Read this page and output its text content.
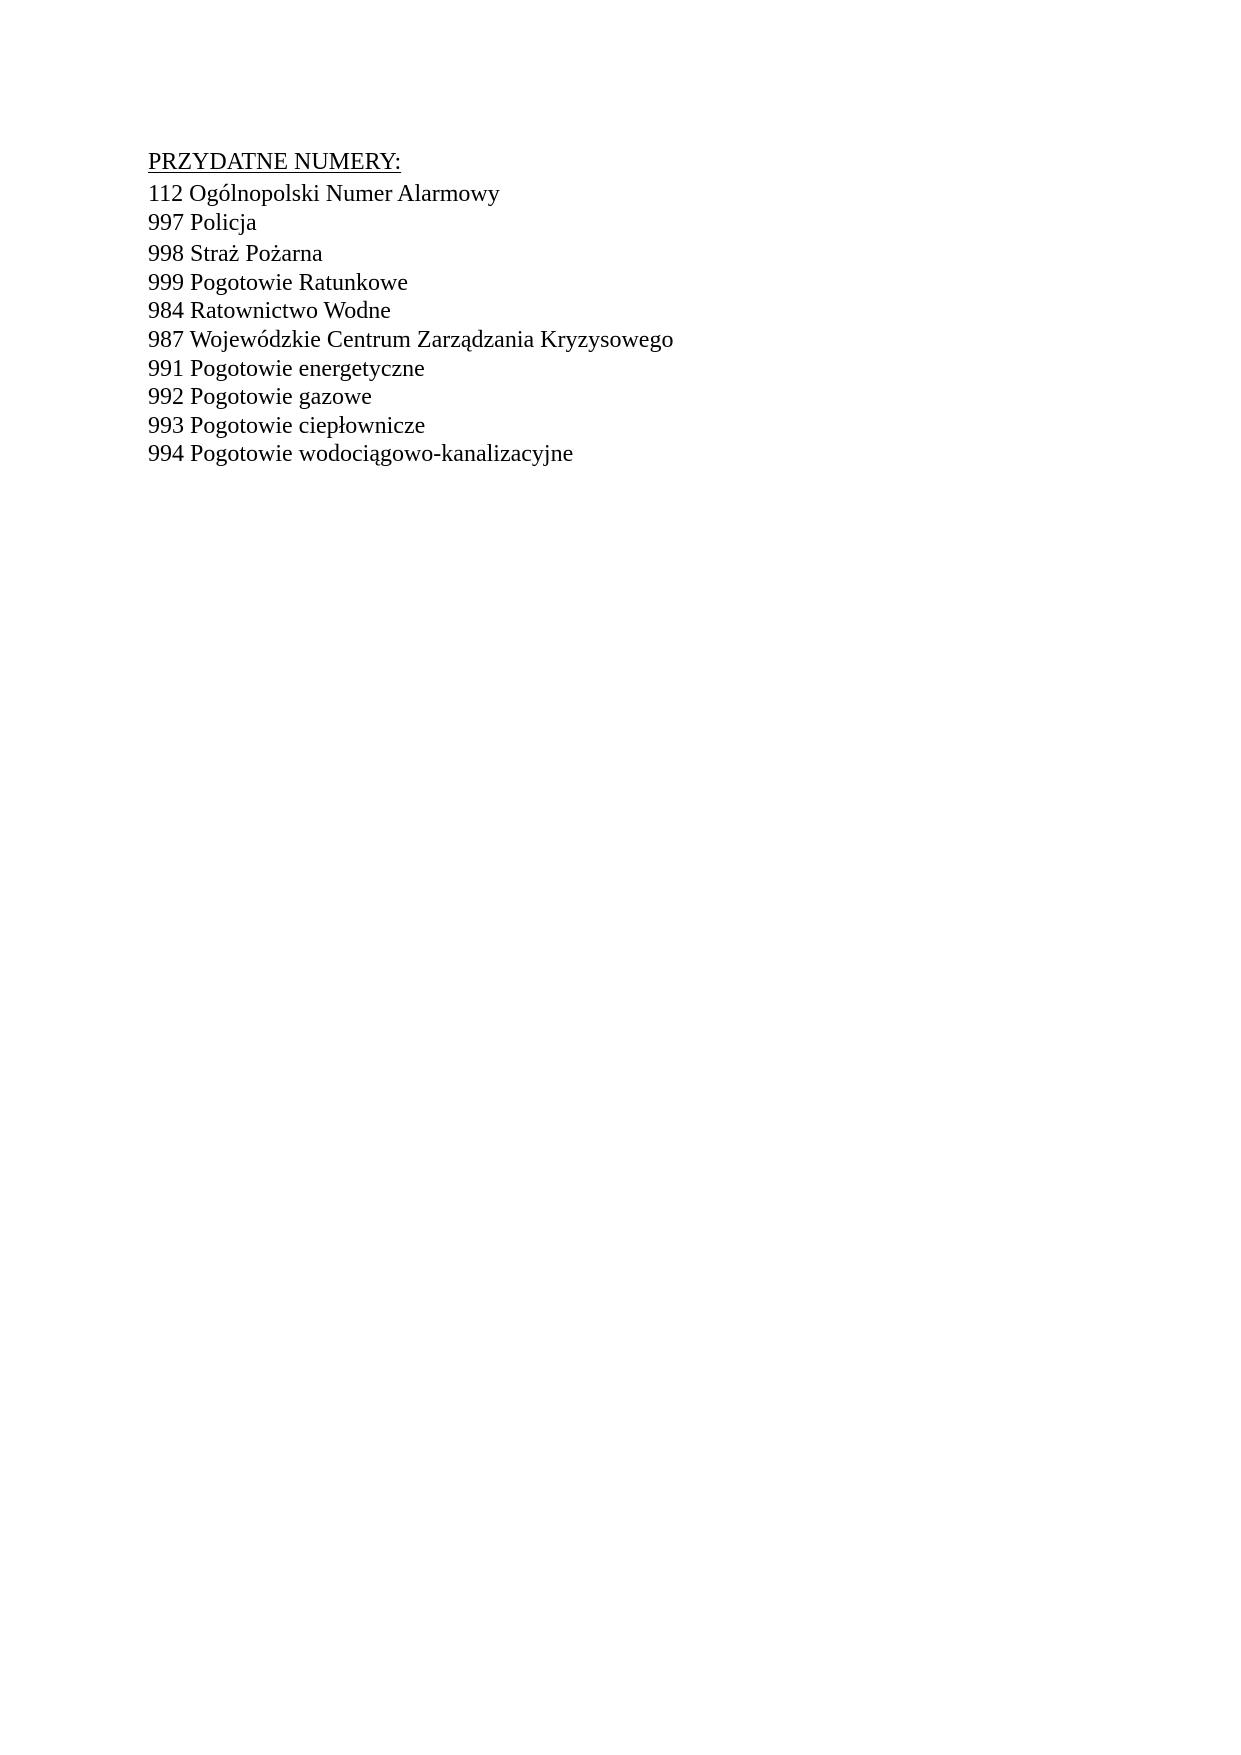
PRZYDATNE NUMERY:
112 Ogólnopolski Numer Alarmowy
997 Policja
998 Straż Pożarna
999 Pogotowie Ratunkowe
984 Ratownictwo Wodne
987 Wojewódzkie Centrum Zarządzania Kryzysowego
991 Pogotowie energetyczne
992 Pogotowie gazowe
993 Pogotowie ciepłownicze
994 Pogotowie wodociągowo-kanalizacyjne
